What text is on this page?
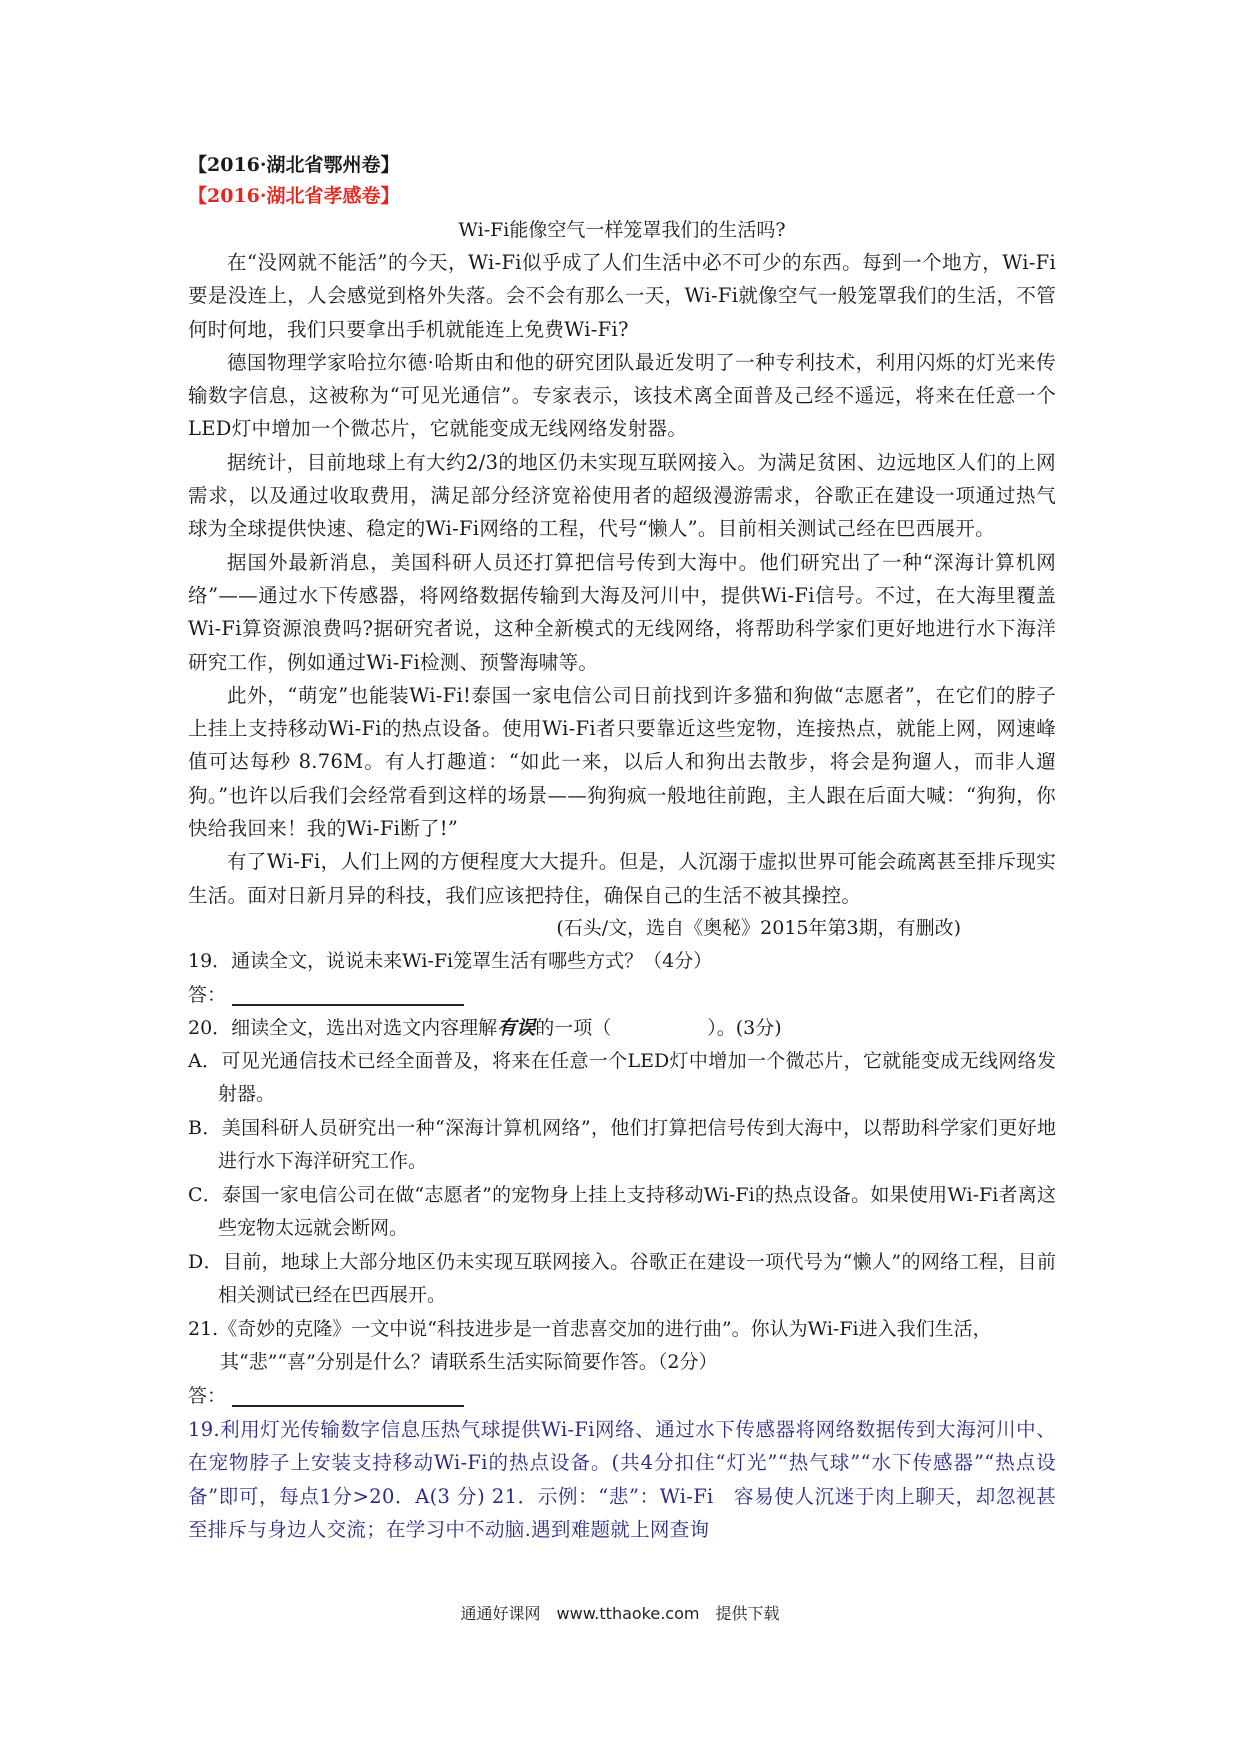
【2016·湖北省鄂州卷】
【2016·湖北省孝感卷】
Wi-Fi能像空气一样笼罩我们的生活吗?

在“没网就不能活”的今天，Wi-Fi似乎成了人们生活中必不可少的东西。每到一个地方，Wi-Fi要是没连上，人会感觉到格外失落。会不会有那么一天，Wi-Fi就像空气一般笼罩我们的生活，不管何时何地，我们只要拿出手机就能连上免费Wi-Fi?

德国物理学家哈拉尔德·哈斯由和他的研究团队最近发明了一种专利技术，利用闪烁的灯光来传输数字信息，这被称为“可见光通信”。专家表示，该技术离全面普及己经不遥远，将来在任意一个LED灯中增加一个微芯片，它就能变成无线网络发射器。

据统计，目前地球上有大约2/3的地区仍未实现互联网接入。为满足贫困、边远地区人们的上网需求，以及通过收取费用，满足部分经济宽裕使用者的超级漫游需求，谷歌正在建设一项通过热气球为全球提供快速、稳定的Wi-Fi网络的工程，代号“懒人”。目前相关测试己经在巴西展开。

据国外最新消息，美国科研人员还打算把信号传到大海中。他们研究出了一种“深海计算机网络”——通过水下传感器，将网络数据传输到大海及河川中，提供Wi-Fi信号。不过，在大海里覆盖Wi-Fi算资源浪费吗?据研究者说，这种全新模式的无线网络，将帮助科学家们更好地进行水下海洋研究工作，例如通过Wi-Fi检测、预警海啸等。

此外，“萌宠”也能装Wi-Fi!泰国一家电信公司日前找到许多猫和狗做“志愿者”，在它们的脖子上挂上支持移动Wi-Fi的热点设备。使用Wi-Fi者只要靠近这些宠物，连接热点，就能上网，网速峰值可达每秒 8.76M。有人打趣道：“如此一来，以后人和狗出去散步，将会是狗遛人，而非人遛狗。”也许以后我们会经常看到这样的场景——狗狗疯一般地往前跑，主人跟在后面大喊：“狗狗，你快给我回来！我的Wi-Fi断了!”

有了Wi-Fi，人们上网的方便程度大大提升。但是，人沉溺于虚拟世界可能会疏离甚至排斥现实生活。面对日新月异的科技，我们应该把持住，确保自己的生活不被其操控。

(石头/文，选自《奥秘》2015年第3期，有删改)

19．通读全文，说说未来Wi-Fi笼罩生活有哪些方式？（4分）

答：

20．细读全文，选出对选文内容理解有误的一项（	）。(3分)

A．可见光通信技术已经全面普及，将来在任意一个LED灯中增加一个微芯片，它就能变成无线网络发射器。

B．美国科研人员研究出一种“深海计算机网络”，他们打算把信号传到大海中，以帮助科学家们更好地进行水下海洋研究工作。

C．泰国一家电信公司在做“志愿者”的宠物身上挂上支持移动Wi-Fi的热点设备。如果使用Wi-Fi者离这些宠物太远就会断网。

D．目前，地球上大部分地区仍未实现互联网接入。谷歌正在建设一项代号为“懒人”的网络工程，目前相关测试已经在巴西展开。

21.《奇妙的克隆》一文中说“科技进步是一首悲喜交加的进行曲”。你认为Wi-Fi进入我们生活，其“悲”“喜”分别是什么？请联系生活实际简要作答。（2分）

答：

19.利用灯光传输数字信息压热气球提供Wi-Fi网络、通过水下传感器将网络数据传到大海河川中、在宠物脖子上安装支持移动Wi-Fi的热点设备。(共4分扣住“灯光”“热气球”“水下传感器”“热点设备”即可，每点1分>20．A(3 分) 21．示例：“悲”：Wi-Fi　容易使人沉迷于肉上聊天，却忽视甚至排斥与身边人交流；在学习中不动脑.遇到难题就上网查询

通通好课网　www.tthaoke.com　提供下载
